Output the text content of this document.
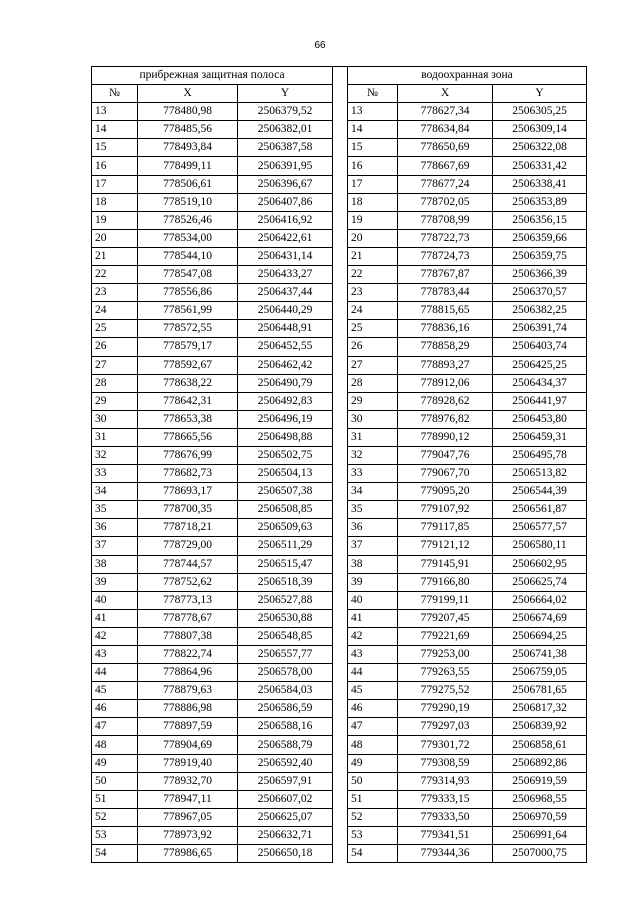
66
прибрежная защитная полоса				водоохранная зона		
№	X	Y		№	X	Y
13	778480,98	2506379,52		13	778627,34	2506305,25
14	778485,56	2506382,01		14	778634,84	2506309,14
15	778493,84	2506387,58		15	778650,69	2506322,08
16	778499,11	2506391,95		16	778667,69	2506331,42
17	778506,61	2506396,67		17	778677,24	2506338,41
18	778519,10	2506407,86		18	778702,05	2506353,89
19	778526,46	2506416,92		19	778708,99	2506356,15
20	778534,00	2506422,61		20	778722,73	2506359,66
21	778544,10	2506431,14		21	778724,73	2506359,75
22	778547,08	2506433,27		22	778767,87	2506366,39
23	778556,86	2506437,44		23	778783,44	2506370,57
24	778561,99	2506440,29		24	778815,65	2506382,25
25	778572,55	2506448,91		25	778836,16	2506391,74
26	778579,17	2506452,55		26	778858,29	2506403,74
27	778592,67	2506462,42		27	778893,27	2506425,25
28	778638,22	2506490,79		28	778912,06	2506434,37
29	778642,31	2506492,83		29	778928,62	2506441,97
30	778653,38	2506496,19		30	778976,82	2506453,80
31	778665,56	2506498,88		31	778990,12	2506459,31
32	778676,99	2506502,75		32	779047,76	2506495,78
33	778682,73	2506504,13		33	779067,70	2506513,82
34	778693,17	2506507,38		34	779095,20	2506544,39
35	778700,35	2506508,85		35	779107,92	2506561,87
36	778718,21	2506509,63		36	779117,85	2506577,57
37	778729,00	2506511,29		37	779121,12	2506580,11
38	778744,57	2506515,47		38	779145,91	2506602,95
39	778752,62	2506518,39		39	779166,80	2506625,74
40	778773,13	2506527,88		40	779199,11	2506664,02
41	778778,67	2506530,88		41	779207,45	2506674,69
42	778807,38	2506548,85		42	779221,69	2506694,25
43	778822,74	2506557,77		43	779253,00	2506741,38
44	778864,96	2506578,00		44	779263,55	2506759,05
45	778879,63	2506584,03		45	779275,52	2506781,65
46	778886,98	2506586,59		46	779290,19	2506817,32
47	778897,59	2506588,16		47	779297,03	2506839,92
48	778904,69	2506588,79		48	779301,72	2506858,61
49	778919,40	2506592,40		49	779308,59	2506892,86
50	778932,70	2506597,91		50	779314,93	2506919,59
51	778947,11	2506607,02		51	779333,15	2506968,55
52	778967,05	2506625,07		52	779333,50	2506970,59
53	778973,92	2506632,71		53	779341,51	2506991,64
54	778986,65	2506650,18		54	779344,36	2507000,75
